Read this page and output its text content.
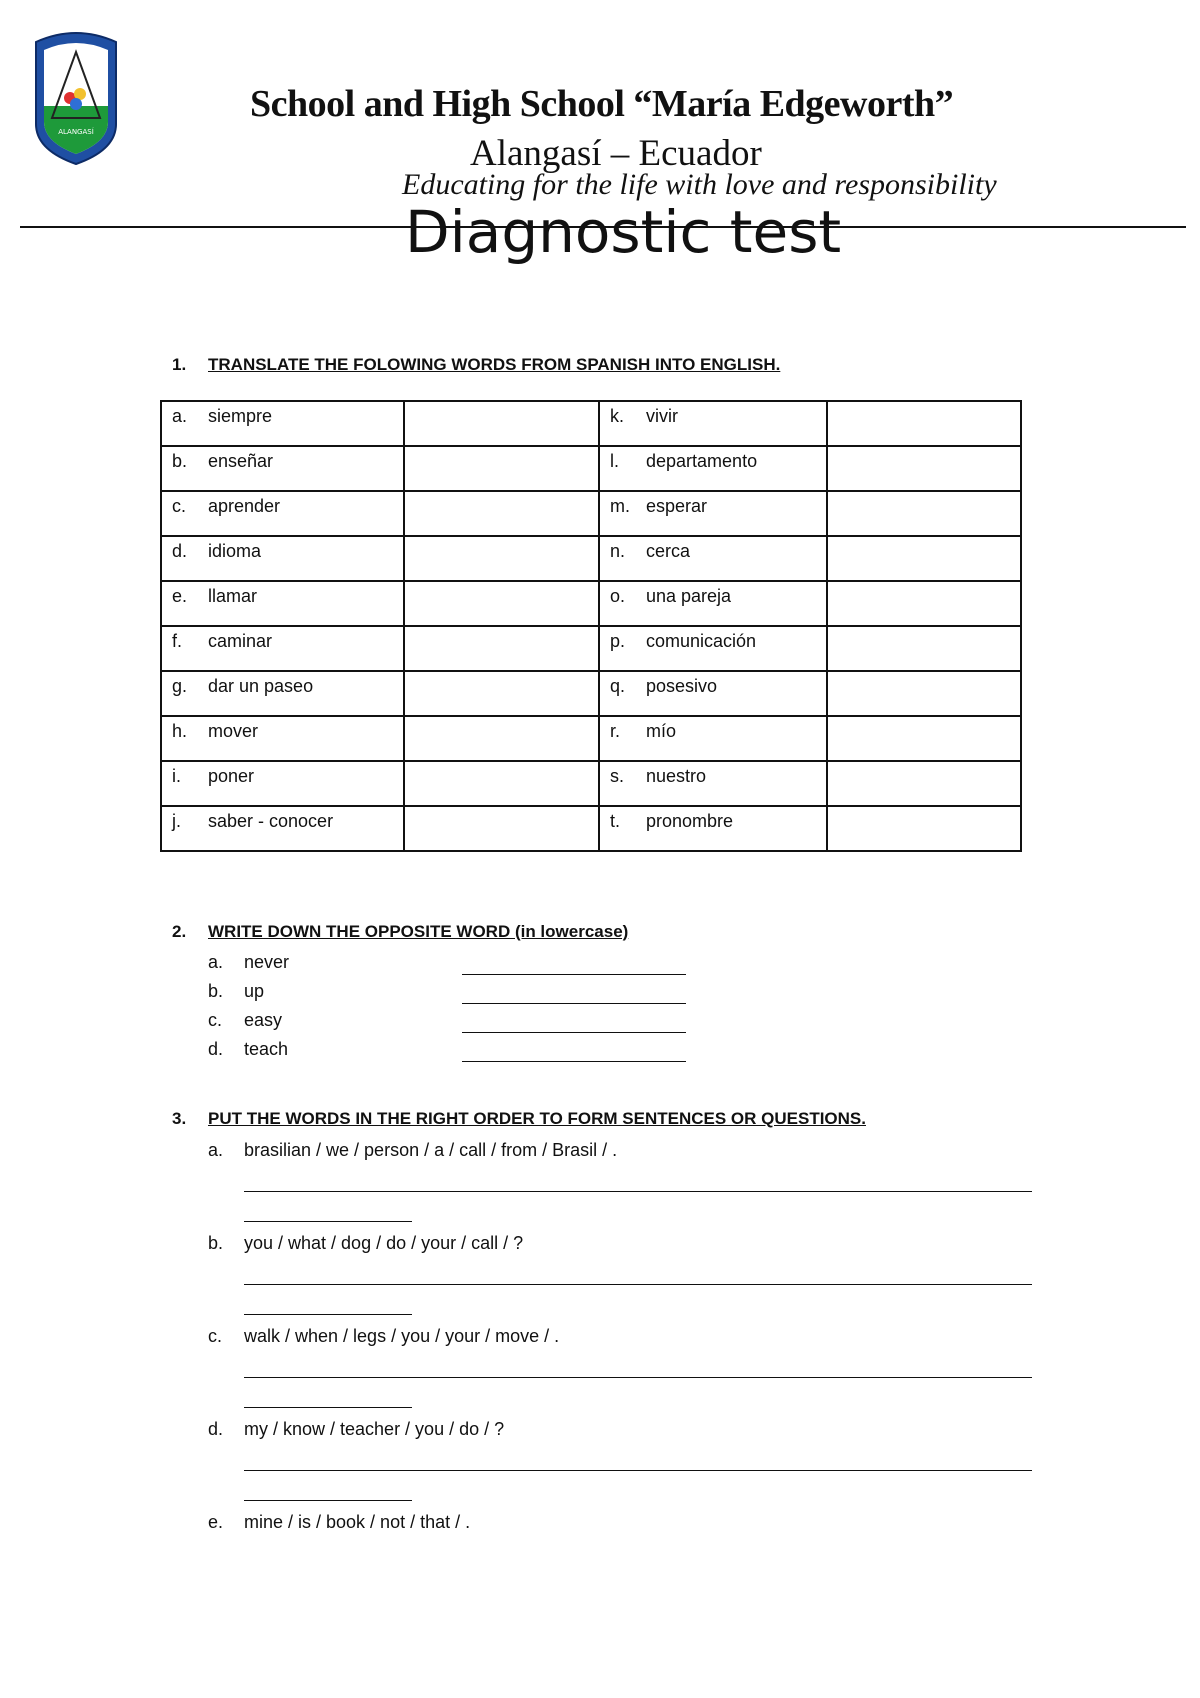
ALANGASÍ
School and High School “María Edgeworth”
Alangasí – Ecuador
Educating for the life with love and responsibility
Diagnostic test
1. TRANSLATE THE FOLOWING WORDS FROM SPANISH INTO ENGLISH.
a. siempre		k. vivir	
b. enseñar		l. departamento	
c. aprender		m. esperar	
d. idioma		n. cerca	
e. llamar		o. una pareja	
f. caminar		p. comunicación	
g. dar un paseo		q. posesivo	
h. mover		r. mío	
i. poner		s. nuestro	
j. saber - conocer		t. pronombre	
2. WRITE DOWN THE OPPOSITE WORD (in lowercase)
a. never
b. up
c. easy
d. teach
3. PUT THE WORDS IN THE RIGHT ORDER TO FORM SENTENCES OR QUESTIONS.
a. brasilian / we / person / a / call / from / Brasil / .
b. you / what / dog / do / your / call / ?
c. walk / when / legs / you / your / move / .
d. my / know / teacher / you / do / ?
e. mine / is / book / not / that / .
